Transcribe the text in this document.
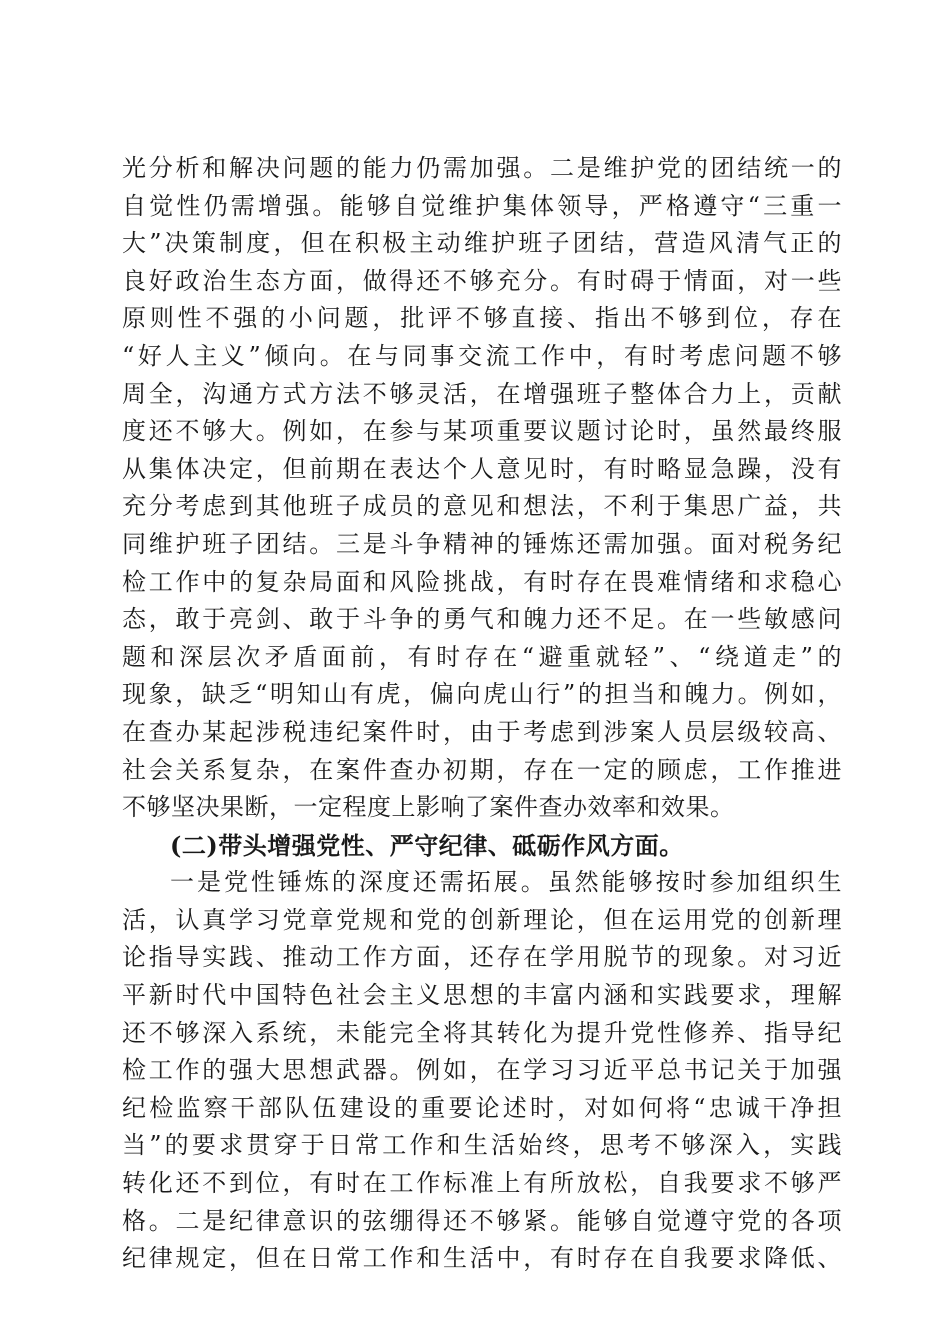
光分析和解决问题的能力仍需加强。二是维护党的团结统一的
自觉性仍需增强。能够自觉维护集体领导，严格遵守“三重一
大”决策制度，但在积极主动维护班子团结，营造风清气正的
良好政治生态方面，做得还不够充分。有时碍于情面，对一些
原则性不强的小问题，批评不够直接、指出不够到位，存在
“好人主义”倾向。在与同事交流工作中，有时考虑问题不够
周全，沟通方式方法不够灵活，在增强班子整体合力上，贡献
度还不够大。例如，在参与某项重要议题讨论时，虽然最终服
从集体决定，但前期在表达个人意见时，有时略显急躁，没有
充分考虑到其他班子成员的意见和想法，不利于集思广益，共
同维护班子团结。三是斗争精神的锤炼还需加强。面对税务纪
检工作中的复杂局面和风险挑战，有时存在畏难情绪和求稳心
态，敢于亮剑、敢于斗争的勇气和魄力还不足。在一些敏感问
题和深层次矛盾面前，有时存在“避重就轻”、“绕道走”的
现象，缺乏“明知山有虎，偏向虎山行”的担当和魄力。例如，
在查办某起涉税违纪案件时，由于考虑到涉案人员层级较高、
社会关系复杂，在案件查办初期，存在一定的顾虑，工作推进
不够坚决果断，一定程度上影响了案件查办效率和效果。
(二)带头增强党性、严守纪律、砥砺作风方面。
一是党性锤炼的深度还需拓展。虽然能够按时参加组织生
活，认真学习党章党规和党的创新理论，但在运用党的创新理
论指导实践、推动工作方面，还存在学用脱节的现象。对习近
平新时代中国特色社会主义思想的丰富内涵和实践要求，理解
还不够深入系统，未能完全将其转化为提升党性修养、指导纪
检工作的强大思想武器。例如，在学习习近平总书记关于加强
纪检监察干部队伍建设的重要论述时，对如何将“忠诚干净担
当”的要求贯穿于日常工作和生活始终，思考不够深入，实践
转化还不到位，有时在工作标准上有所放松，自我要求不够严
格。二是纪律意识的弦绷得还不够紧。能够自觉遵守党的各项
纪律规定，但在日常工作和生活中，有时存在自我要求降低、
